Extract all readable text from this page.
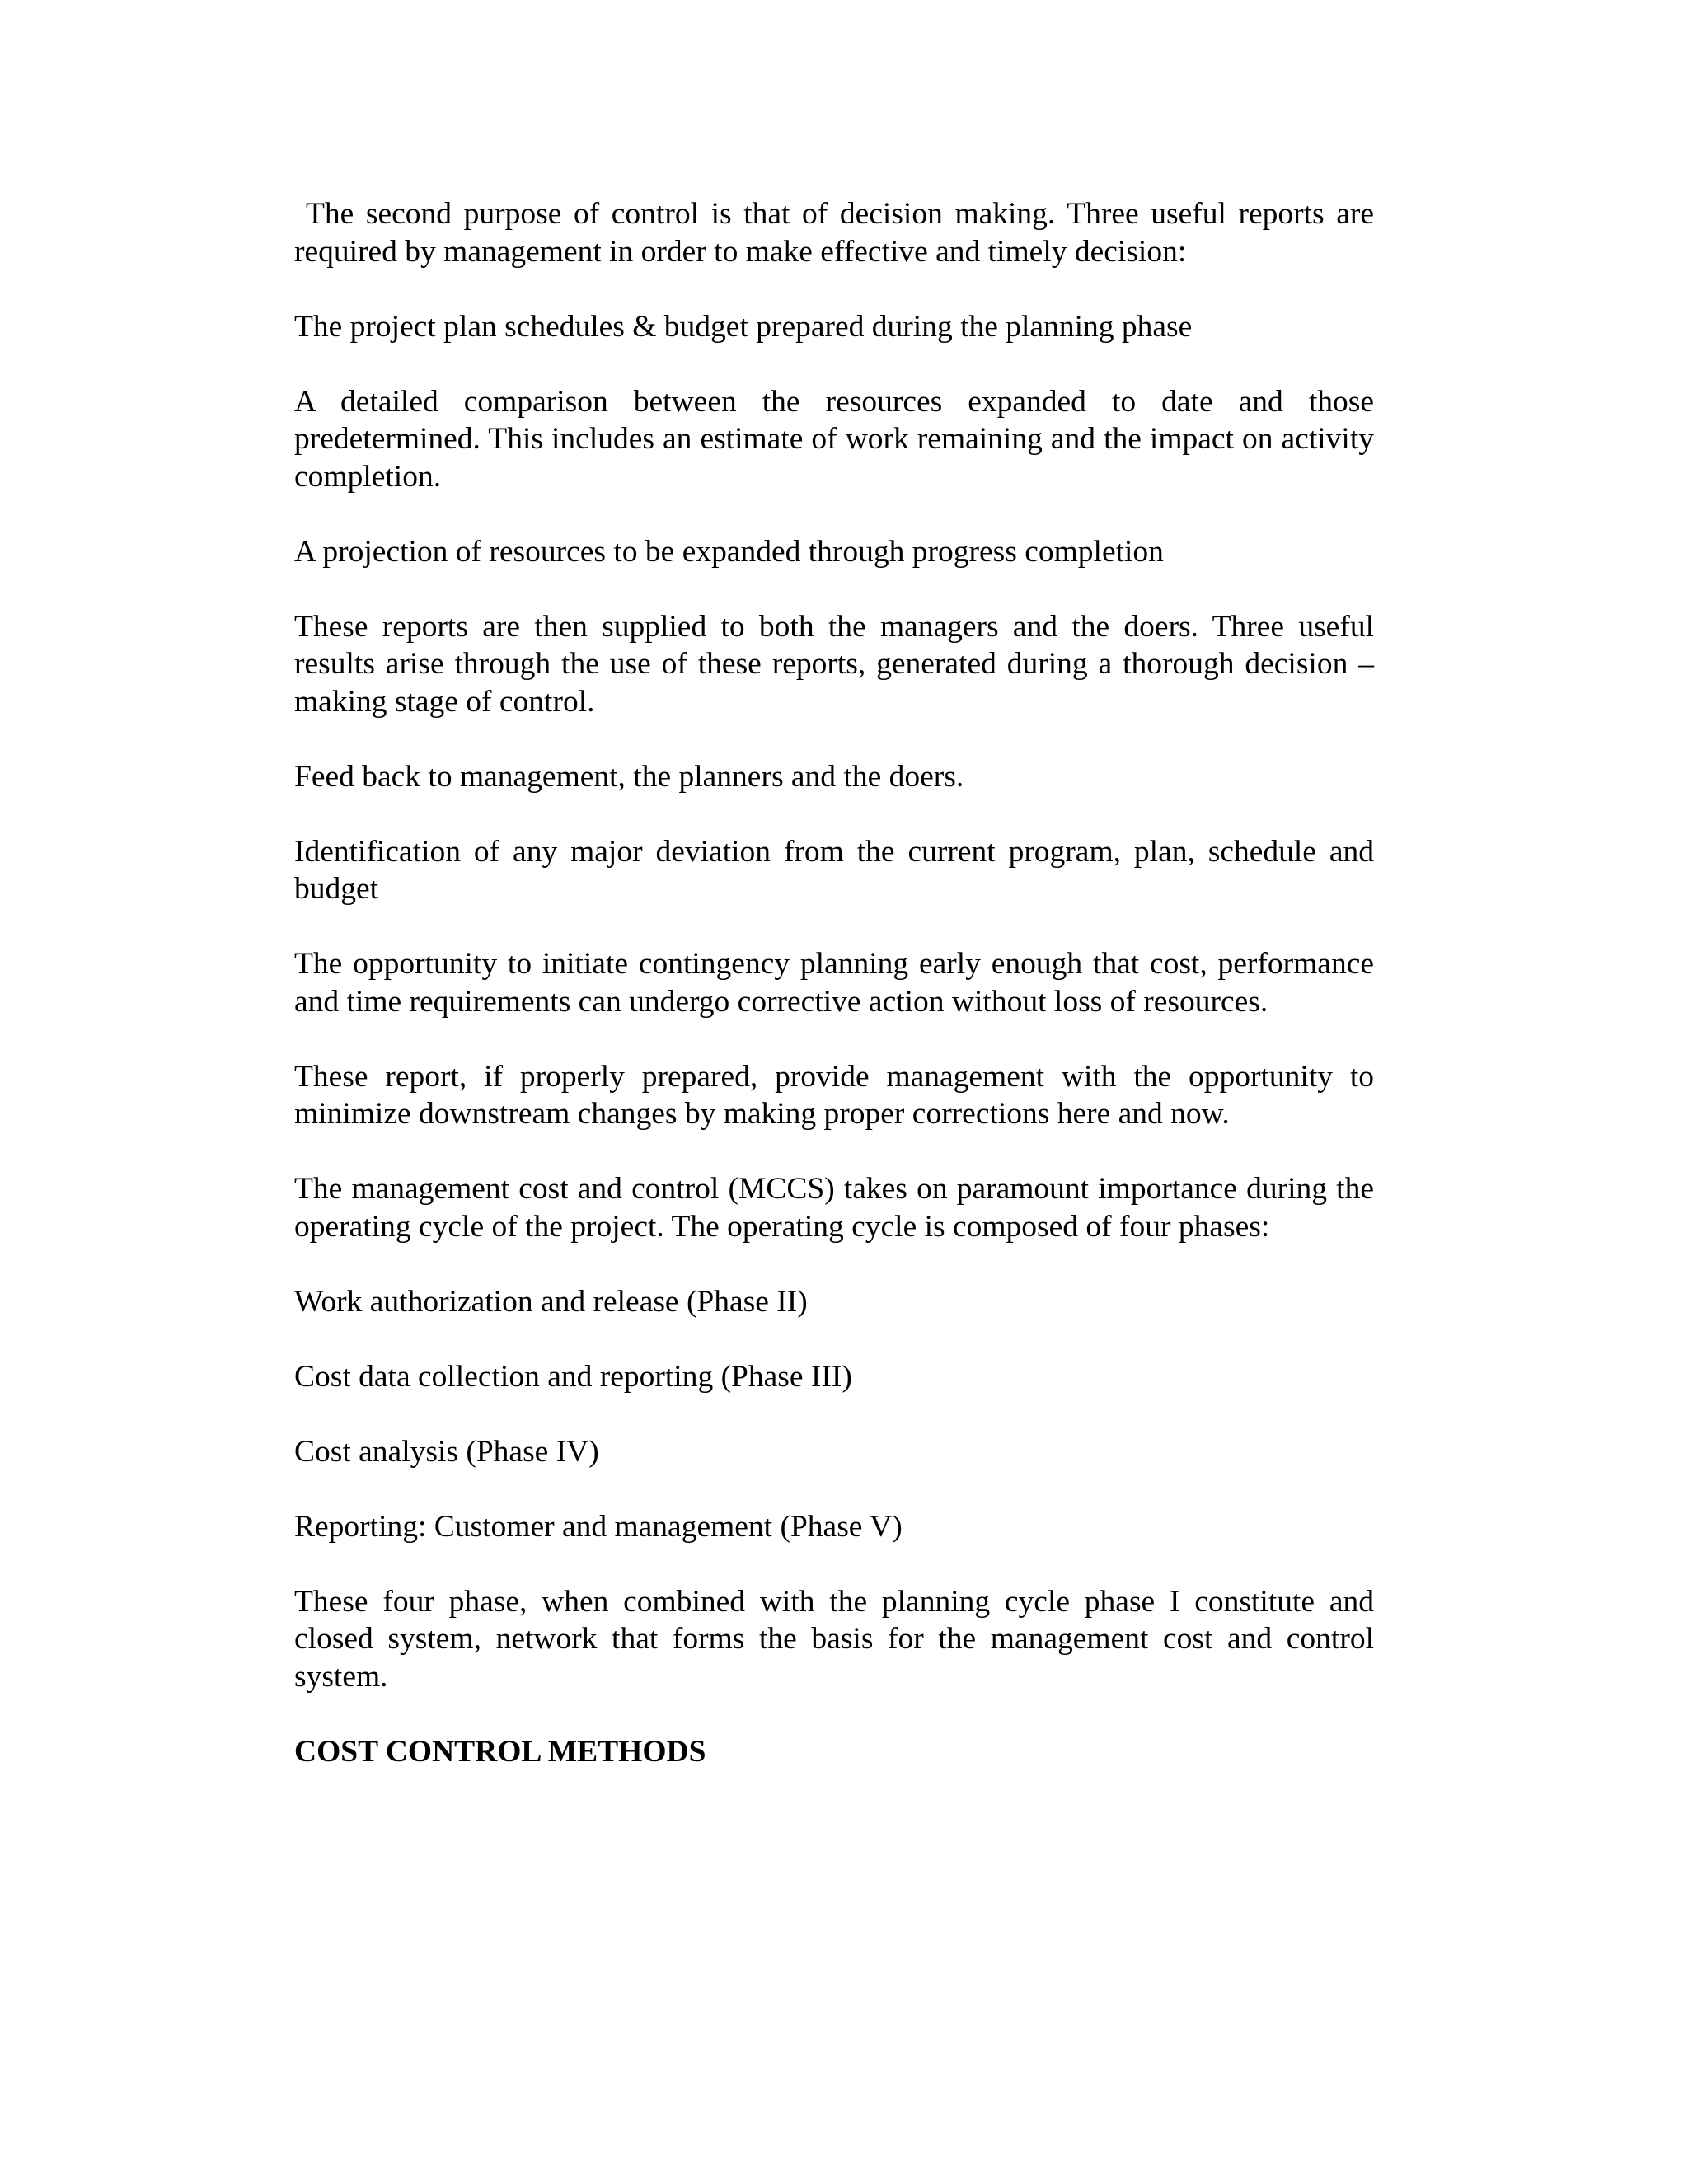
The second purpose of control is that of decision making. Three useful reports are required by management in order to make effective and timely decision:

The project plan schedules & budget prepared during the planning phase

A detailed comparison between the resources expanded to date and those predetermined. This includes an estimate of work remaining and the impact on activity completion.

A projection of resources to be expanded through progress completion

These reports are then supplied to both the managers and the doers. Three useful results arise through the use of these reports, generated during a thorough decision – making stage of control.

Feed back to management, the planners and the doers.

Identification of any major deviation from the current program, plan, schedule and budget

The opportunity to initiate contingency planning early enough that cost, performance and time requirements can undergo corrective action without loss of resources.

These report, if properly prepared, provide management with the opportunity to minimize downstream changes by making proper corrections here and now.

The management cost and control (MCCS) takes on paramount importance during the operating cycle of the project. The operating cycle is composed of four phases:

Work authorization and release (Phase II)

Cost data collection and reporting (Phase III)

Cost analysis (Phase IV)

Reporting: Customer and management (Phase V)

These four phase, when combined with the planning cycle phase I constitute and closed system, network that forms the basis for the management cost and control system.

COST CONTROL METHODS
